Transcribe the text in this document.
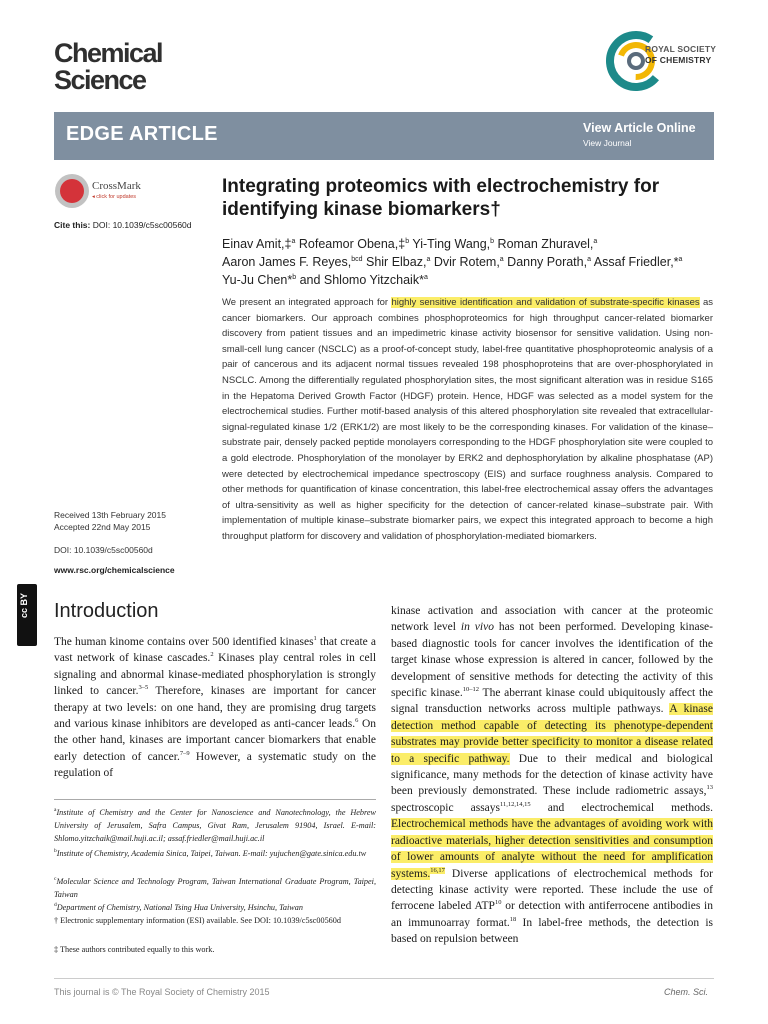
Chemical
Science
ROYAL SOCIETY
OF CHEMISTRY
EDGE ARTICLE	View Article Online
View Journal
CrossMark
◂ click for updates
Cite this: DOI: 10.1039/c5sc00560d
Integrating proteomics with electrochemistry for identifying kinase biomarkers†
Einav Amit,‡$^a$ Rofeamor Obena,‡$^b$ Yi-Ting Wang,$^b$ Roman Zhuravel,$^a$
Aaron James F. Reyes,$^{bcd}$ Shir Elbaz,$^a$ Dvir Rotem,$^a$ Danny Porath,$^a$ Assaf Friedler,*$^a$
Yu-Ju Chen*$^b$ and Shlomo Yitzchaik*$^a$
We present an integrated approach for highly sensitive identification and validation of substrate-specific kinases as cancer biomarkers. Our approach combines phosphoproteomics for high throughput cancer-related biomarker discovery from patient tissues and an impedimetric kinase activity biosensor for sensitive validation. Using non-small-cell lung cancer (NSCLC) as a proof-of-concept study, label-free quantitative phosphoproteomic analysis of a pair of cancerous and its adjacent normal tissues revealed 198 phosphoproteins that are over-phosphorylated in NSCLC. Among the differentially regulated phosphorylation sites, the most significant alteration was in residue S165 in the Hepatoma Derived Growth Factor (HDGF) protein. Hence, HDGF was selected as a model system for the electrochemical studies. Further motif-based analysis of this altered phosphorylation site revealed that extracellular-signal-regulated kinase 1/2 (ERK1/2) are most likely to be the corresponding kinases. For validation of the kinase–substrate pair, densely packed peptide monolayers corresponding to the HDGF phosphorylation site were coupled to a gold electrode. Phosphorylation of the monolayer by ERK2 and dephosphorylation by alkaline phosphatase (AP) were detected by electrochemical impedance spectroscopy (EIS) and surface roughness analysis. Compared to other methods for quantification of kinase concentration, this label-free electrochemical assay offers the advantages of ultra-sensitivity as well as higher specificity for the detection of cancer-related kinase–substrate pair. With implementation of multiple kinase–substrate biomarker pairs, we expect this integrated approach to become a high throughput platform for discovery and validation of phosphorylation-mediated biomarkers.
Received 13th February 2015
Accepted 22nd May 2015
DOI: 10.1039/c5sc00560d
www.rsc.org/chemicalscience
cc BY	Introduction

The human kinome contains over 500 identified kinases$^1$ that create a vast network of kinase cascades.$^2$ Kinases play central roles in cell signaling and abnormal kinase-mediated phosphorylation is strongly linked to cancer.$^{3-5}$ Therefore, kinases are important for cancer therapy at two levels: on one hand, they are promising drug targets and various kinase inhibitors are developed as anti-cancer leads.$^6$ On the other hand, kinases are important cancer biomarkers that enable early detection of cancer.$^{7-9}$ However, a systematic study on the regulation of

kinase activation and association with cancer at the proteomic network level in vivo has not been performed. Developing kinase-based diagnostic tools for cancer involves the identification of the target kinase whose expression is altered in cancer, followed by the development of sensitive methods for detecting the activity of this specific kinase.$^{10-12}$ The aberrant kinase could ubiquitously affect the signal transduction networks across multiple pathways. A kinase detection method capable of detecting its phenotype-dependent substrates may provide better specificity to monitor a disease related to a specific pathway. Due to their medical and biological significance, many methods for the detection of kinase activity have been previously demonstrated. These include radiometric assays,$^{13}$ spectroscopic assays$^{11,12,14,15}$ and electrochemical methods. Electrochemical methods have the advantages of avoiding work with radioactive materials, higher detection sensitivities and consumption of lower amounts of analyte without the need for amplification systems.$^{16,17}$ Diverse applications of electrochemical methods for detecting kinase activity were reported. These include the use of ferrocene labeled ATP$^{10}$ or detection with antiferrocene antibodies in an immunoarray format.$^{18}$ In label-free methods, the detection is based on repulsion between

$^a$Institute of Chemistry and the Center for Nanoscience and Nanotechnology, the Hebrew University of Jerusalem, Safra Campus, Givat Ram, Jerusalem 91904, Israel. E-mail: Shlomo.yitzchaik@mail.huji.ac.il; assaf.friedler@mail.huji.ac.il
$^b$Institute of Chemistry, Academia Sinica, Taipei, Taiwan. E-mail: yujuchen@gate.sinica.edu.tw
$^c$Molecular Science and Technology Program, Taiwan International Graduate Program, Taipei, Taiwan
$^d$Department of Chemistry, National Tsing Hua University, Hsinchu, Taiwan
† Electronic supplementary information (ESI) available. See DOI: 10.1039/c5sc00560d
‡ These authors contributed equally to this work.
This journal is © The Royal Society of Chemistry 2015	Chem. Sci.
